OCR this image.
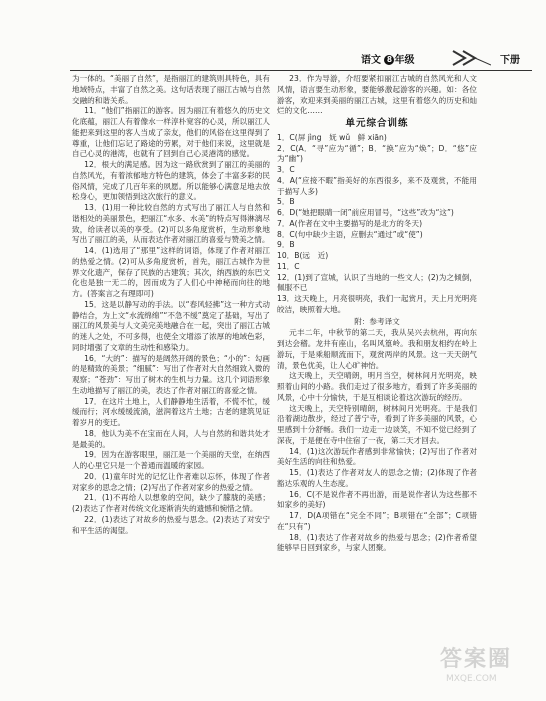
语文 8 年级	下册

为一体的。“美丽了自然”，是指丽江的建筑则具特色，具有地域特点，丰富了自然之美。这句话表现了丽江古城与自然交融的和谐关系。

11．“他们”指丽江的游客。因为丽江有着悠久的历史文化底蕴，丽江人有着像水一样淳朴宽容的心灵，所以丽江人能把来到这里的客人当成了亲友，他们的风俗在这里得到了尊重，让他们忘记了路途的劳累，对于他们来说，这里就是自己心灵的港湾，也就有了回到自己心灵港湾的感觉。

12．根大的满足感。因为这一路欣赏到了丽江的美丽的自然风光，有着浓郁地方特色的建筑，体会了丰富多彩的民俗风情，完成了几百年来的夙愿。所以能够心满意足地去放松身心，更加领悟到这次旅行的意义。

13．(1)用一种比较自然的方式写出了丽江人与自然和谐相处的美丽景色，把丽江“水多、水美”的特点写得淋漓尽致，给读者以美的享受。(2)可以多角度赏析，生动形象地写出了丽江的美，从而表达作者对丽江的喜爱与赞美之情。

14．(1)选用了“那里”这样的词语，体现了作者对丽江的热爱之情。(2)可从多角度赏析，首先，丽江古城作为世界文化遗产，保存了民族的古建筑；其次，纳西族的东巴文化也是独一无二的，因而成为了人们心中神秘而向往的地方。(答案言之有理即可)

15．这是以静写动的手法。以“春风轻拂”这一种方式动静结合，为上文“水流绵绵”“不急不缓”奠定了基础，写出了丽江的风景美与人文美完美地融合在一起，突出了丽江古城的迷人之处，不可多得，也使全文增添了浓厚的地域色彩，同时增强了文章的生动性和感染力。

16．“大的”：描写的是阔然开阔的景色；“小的”：勾画的是精致的美景；“细腻”：写出了作者对大自然细致入微的观察；“苍劲”：写出了树木的生机与力量。这几个词语形象生动地描写了丽江的美，表达了作者对丽江的喜爱之情。

17．在这片土地上，人们静静地生活着，不慌不忙，缓缓而行；河水缓缓流淌，滋润着这片土地；古老的建筑见证着岁月的变迁。

18．他认为美不在宝而在人间，人与自然的和谐共处才是最美的。

19．因为在游客眼里，丽江是一个美丽的天堂，在纳西人的心里它只是一个普通而温暖的家园。

20．(1)童年时光的记忆让作者难以忘怀，体现了作者对家乡的思念之情；(2)写出了作者对家乡的热爱之情。

21．(1)不再给人以想象的空间，缺少了朦胧的美感；(2)表达了作者对传统文化逐渐消失的遗憾和惋惜之情。

22．(1)表达了对故乡的热爱与思念。(2)表达了对安宁和平生活的渴望。

23．作为导游，介绍要紧扣丽江古城的自然风光和人文风情，语言要生动形象，要能够激起游客的兴趣。如：各位游客，欢迎来到美丽的丽江古城，这里有着悠久的历史和灿烂的文化……

单元综合训练

1．C(屏 jìng　妩 wǔ　鲜 xiān)

2．C(A．“寻”应为“循”；B．“换”应为“焕”；D．“悠”应为“幽”)

3．C

4．A(“应接不暇”指美好的东西很多，来不及观赏，不能用于描写人多)

5．B

6．D(“她把眼睛一闭”前应用冒号，“这些”改为“这”)

7．A(作者在文中主要描写的是北方的冬天)

8．C(句中缺少主语，应删去“通过”或“使”)

9．B

10．B(远　近)

11．C

12．(1)到了宣城，认识了当地的一些文人；(2)为之倾倒，佩服不已

13．这天晚上，月亮很明亮，我们一起赏月，天上月光明亮皎洁，映照着大地。

附：参考译文

元丰二年，中秋节的第二天，我从吴兴去杭州，再向东到达会稽。龙井有座山，名叫风篁岭。我和朋友相约在岭上游玩，于是乘船顺流而下，观赏两岸的风景。这一天天朗气清，景色优美，让人心旷神怡。

这天晚上，天空晴朗，明月当空，树林间月光明亮，映照着山间的小路。我们走过了很多地方，看到了许多美丽的风景，心中十分愉快，于是互相谈论着这次游玩的经历。

这天晚上，天空特别晴朗，树林间月光明亮。于是我们沿着湖边散步，经过了普宁寺，看到了许多美丽的风景，心里感到十分舒畅。我们一边走一边谈笑，不知不觉已经到了深夜，于是便在寺中住宿了一夜，第二天才回去。

14．(1)这次游玩作者感到非常愉快；(2)写出了作者对美好生活的向往和热爱。

15．(1)表达了作者对友人的思念之情；(2)体现了作者豁达乐观的人生态度。

16．C(不是说作者不再出游，而是说作者认为这些都不如家乡的美好)

17．D(A项错在“完全不同”；B项错在“全部”；C项错在“只有”)

18．(1)表达了作者对故乡的热爱与思念；(2)作者希望能够早日回到家乡，与家人团聚。

答案圈
MXQE.COM
